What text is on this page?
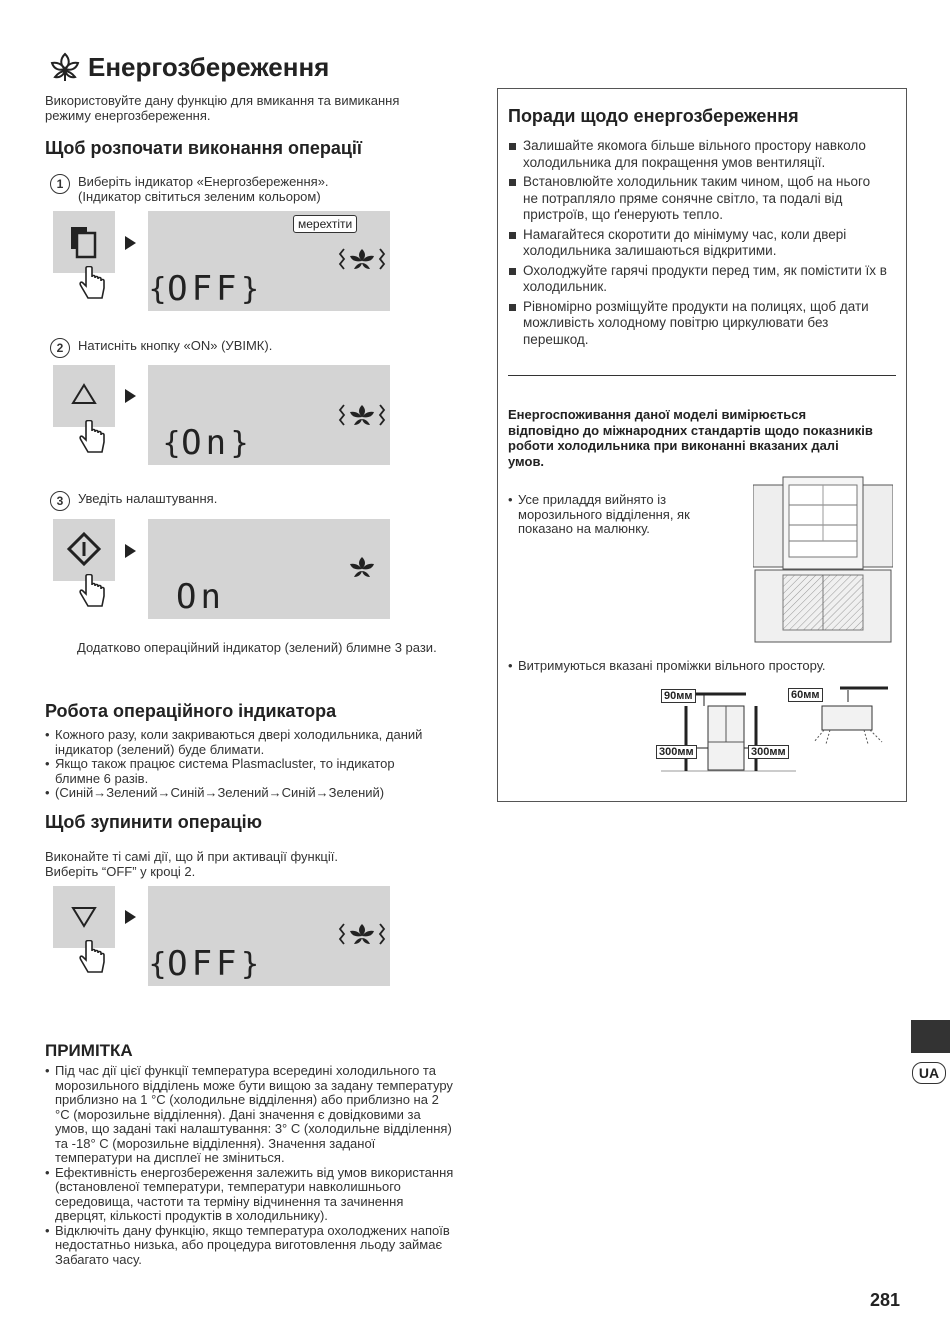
Енергозбереження
Використовуйте дану функцію для вмикання та вимикання режиму енергозбереження.
Щоб розпочати виконання операції
1	Виберіть індикатор «Енергозбереження».
(Індикатор світиться зеленим кольором)
мерехтіти
{ OFF }
2	Натисніть кнопку «ON» (УВІМК).
{ On }
3	Уведіть налаштування.
On
Додатково операційний індикатор (зелений) блимне 3 рази.
Робота операційного індикатора
• Кожного разу, коли закриваються двері холодильника, даний індикатор (зелений) буде блимати.
• Якщо також працює система Plasmacluster, то індикатор блимне 6 разів.
• (Синій→Зелений→Синій→Зелений→Синій→Зелений)
Щоб зупинити операцію
Виконайте ті самі дії, що й при активації функції.
Виберіть “OFF” у кроці 2.
{ OFF }
ПРИМІТКА
• Під час дії цієї функції температура всередині холодильного та морозильного відділень може бути вищою за задану температуру приблизно на 1 °C (холодильне відділення) або приблизно на 2 °C (морозильне відділення). Дані значення є довідковими за умов, що задані такі налаштування: 3° C (холодильне відділення) та -18° C (морозильне відділення). Значення заданої температури на дисплеї не зміниться.
• Ефективність енергозбереження залежить від умов використання (встановленої температури, температури навколишнього середовища, частоти та терміну відчинення та зачинення дверцят, кількості продуктів в холодильнику).
• Відключіть дану функцію, якщо температура охолоджених напоїв недостатньо низька, або процедура виготовлення льоду займає Забагато часу.
Поради щодо енергозбереження
Залишайте якомога більше вільного простору навколо холодильника для покращення умов вентиляції.
Встановлюйте холодильник таким чином, щоб на нього не потрапляло пряме сонячне світло, та подалі від пристроїв, що ґенерують тепло.
Намагайтеся скоротити до мінімуму час, коли двері холодильника залишаються відкритими.
Охолоджуйте гарячі продукти перед тим, як помістити їх в холодильник.
Рівномірно розміщуйте продукти на полицях, щоб дати можливість холодному повітрю циркулювати без перешкод.
Енергоспоживання даної моделі вимірюється відповідно до міжнародних стандартів щодо показників роботи холодильника при виконанні вказаних далі умов.
• Усе приладдя вийнято із морозильного відділення, як показано на малюнку.
• Витримуються вказані проміжки вільного простору.
90мм
300мм	300мм
60мм
UA
281
